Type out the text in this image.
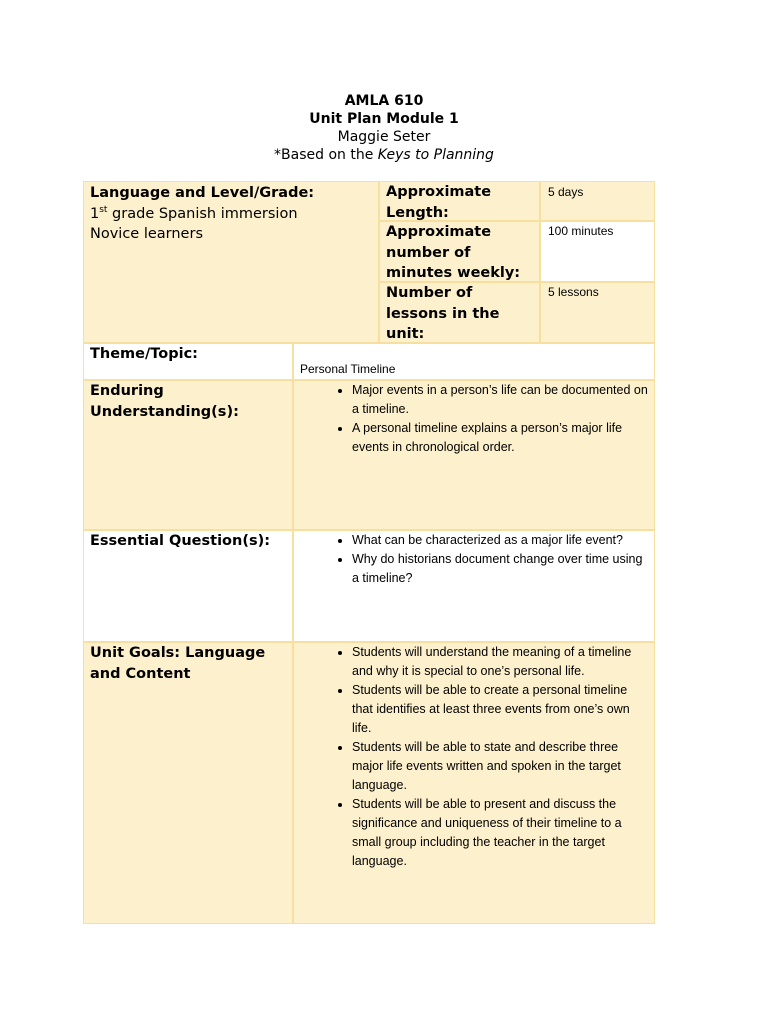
AMLA 610
Unit Plan Module 1
Maggie Seter
*Based on the Keys to Planning
Language and Level/Grade:
1st grade Spanish immersion
Novice learners
Approximate Length:
5 days
Approximate number of minutes weekly:
100 minutes
Number of lessons in the unit:
5 lessons
Theme/Topic:
Personal Timeline
Enduring Understanding(s):
• Major events in a person’s life can be documented on a timeline.
• A personal timeline explains a person’s major life events in chronological order.
Essential Question(s):
•	What can be characterized as a major life event?
• Why do historians document change over time using a timeline?
Unit Goals: Language and Content
• Students will understand the meaning of a timeline and why it is special to one’s personal life.
• Students will be able to create a personal timeline that identifies at least three events from one’s own life.
• Students will be able to state and describe three major life events written and spoken in the target language.
• Students will be able to present and discuss the significance and uniqueness of their timeline to a small group including the teacher in the target language.
